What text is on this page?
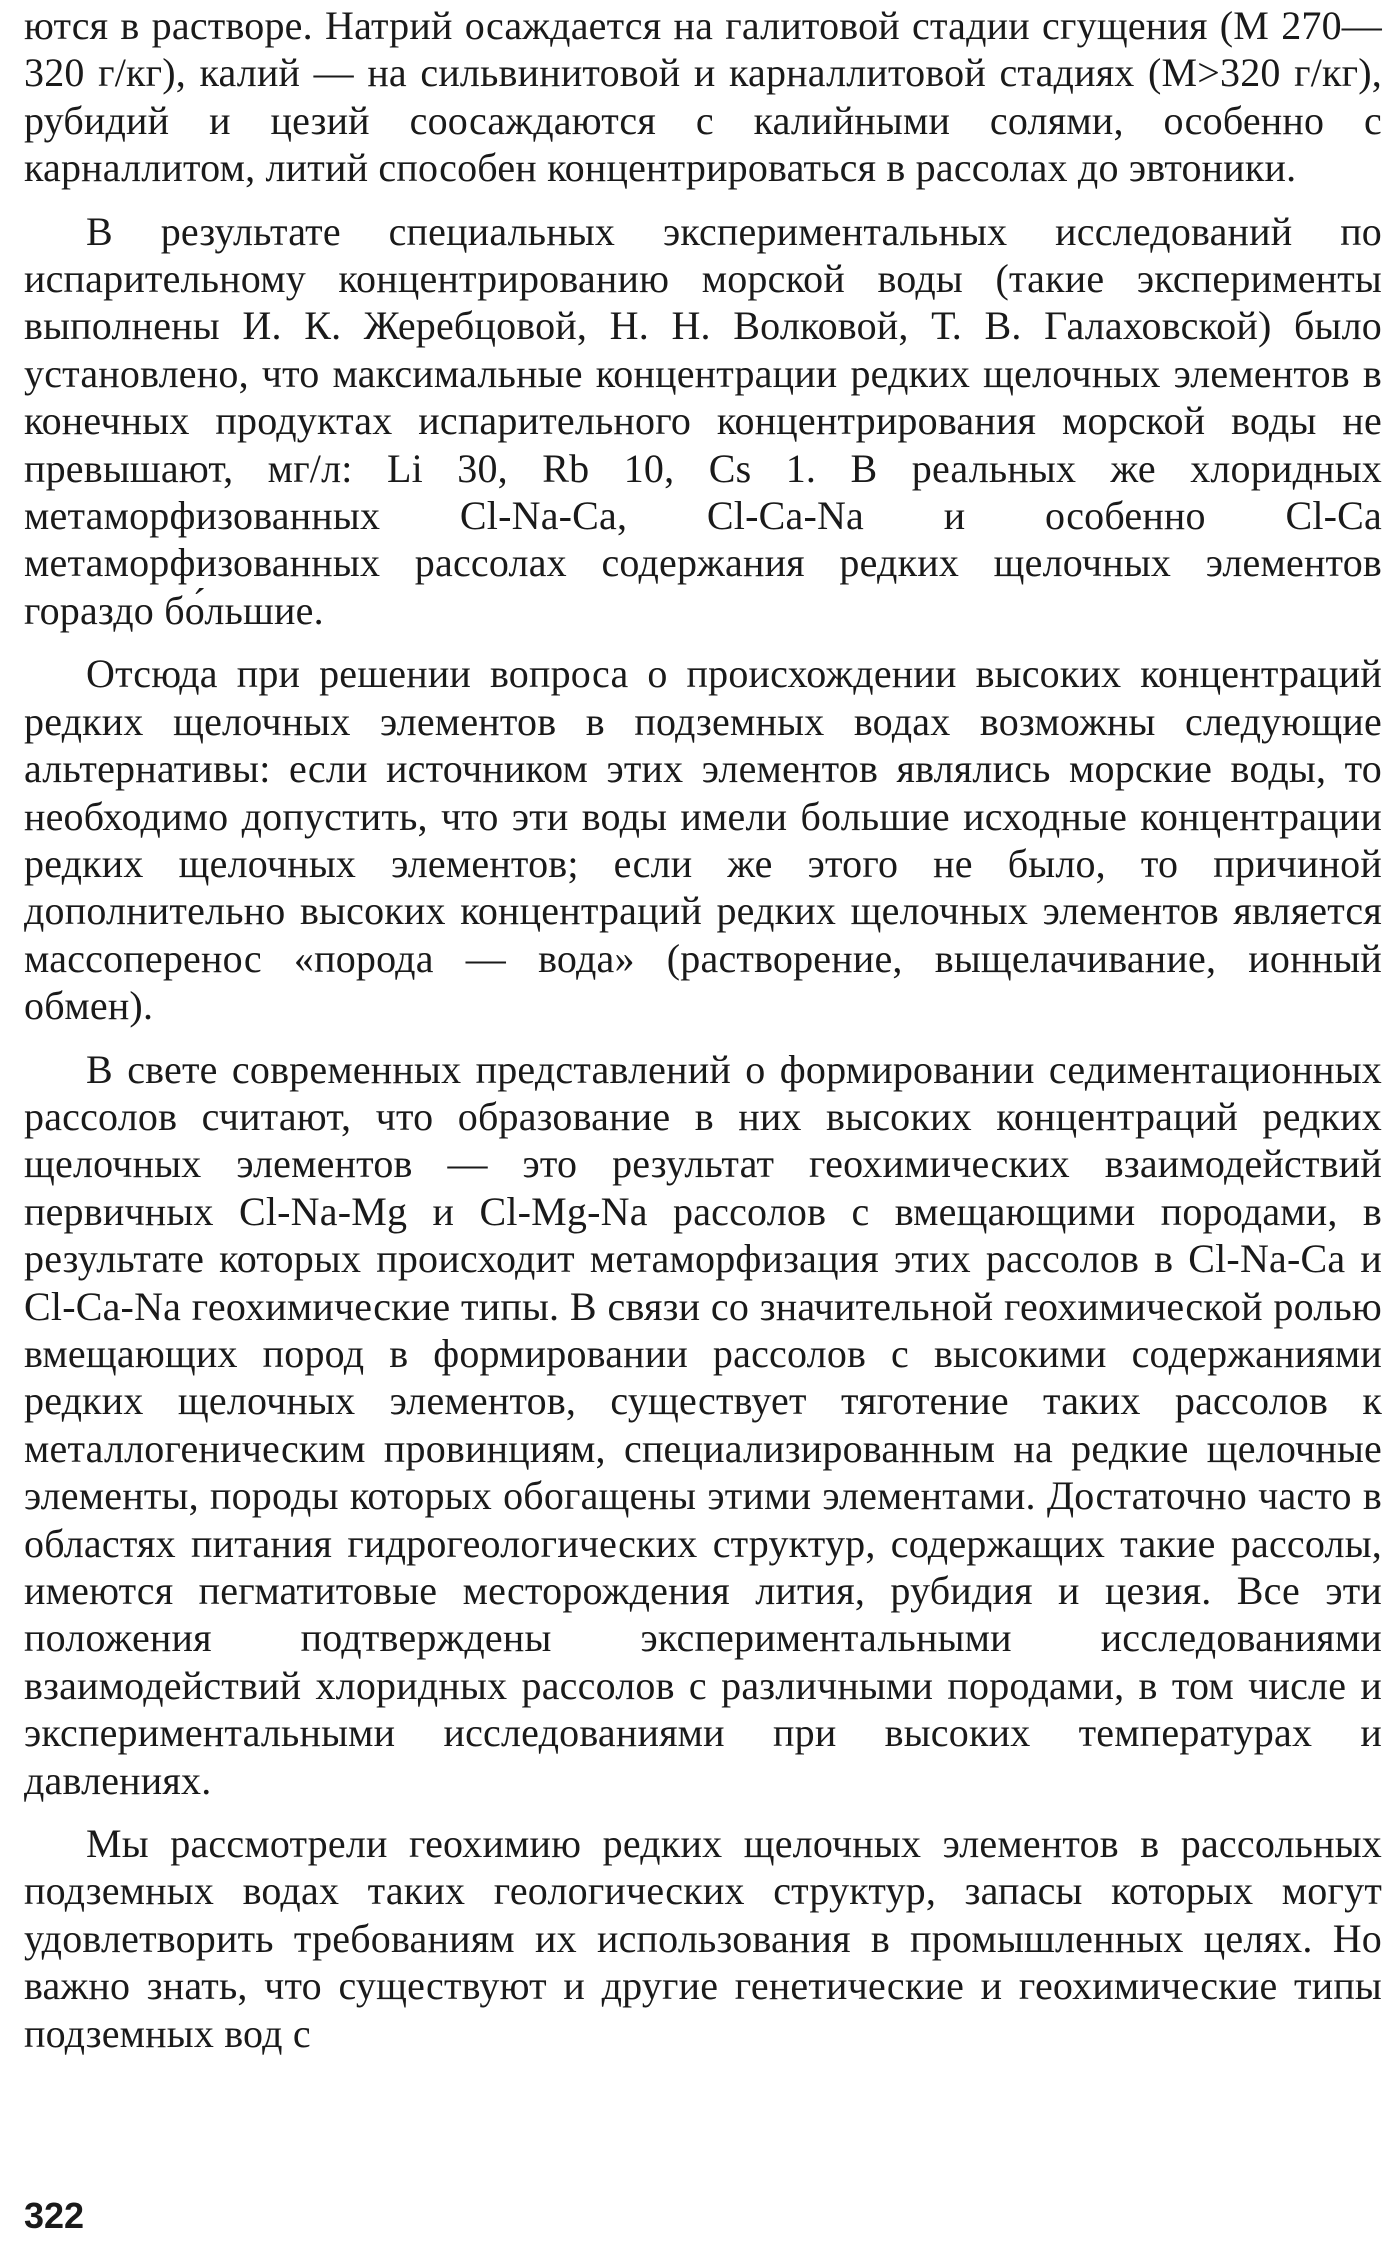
ются в растворе. Натрий осаждается на галитовой стадии сгущения (M 270—320 г/кг), калий — на сильвинитовой и карналлитовой стадиях (M>320 г/кг), рубидий и цезий соосаждаются с калийными солями, особенно с карналлитом, литий способен концентрироваться в рассолах до эвтоники.

В результате специальных экспериментальных исследований по испарительному концентрированию морской воды (такие эксперименты выполнены И. К. Жеребцовой, Н. Н. Волковой, Т. В. Галаховской) было установлено, что максимальные концентрации редких щелочных элементов в конечных продуктах испарительного концентрирования морской воды не превышают, мг/л: Li 30, Rb 10, Cs 1. В реальных же хлоридных метаморфизованных Cl-Na-Ca, Cl-Ca-Na и особенно Cl-Ca метаморфизованных рассолах содержания редких щелочных элементов гораздо бо́льшие.

Отсюда при решении вопроса о происхождении высоких концентраций редких щелочных элементов в подземных водах возможны следующие альтернативы: если источником этих элементов являлись морские воды, то необходимо допустить, что эти воды имели большие исходные концентрации редких щелочных элементов; если же этого не было, то причиной дополнительно высоких концентраций редких щелочных элементов является массоперенос «порода — вода» (растворение, выщелачивание, ионный обмен).

В свете современных представлений о формировании седиментационных рассолов считают, что образование в них высоких концентраций редких щелочных элементов — это результат геохимических взаимодействий первичных Cl-Na-Mg и Cl-Mg-Na рассолов с вмещающими породами, в результате которых происходит метаморфизация этих рассолов в Cl-Na-Ca и Cl-Ca-Na геохимические типы. В связи со значительной геохимической ролью вмещающих пород в формировании рассолов с высокими содержаниями редких щелочных элементов, существует тяготение таких рассолов к металлогеническим провинциям, специализированным на редкие щелочные элементы, породы которых обогащены этими элементами. Достаточно часто в областях питания гидрогеологических структур, содержащих такие рассолы, имеются пегматитовые месторождения лития, рубидия и цезия. Все эти положения подтверждены экспериментальными исследованиями взаимодействий хлоридных рассолов с различными породами, в том числе и экспериментальными исследованиями при высоких температурах и давлениях.

Мы рассмотрели геохимию редких щелочных элементов в рассольных подземных водах таких геологических структур, запасы которых могут удовлетворить требованиям их использования в промышленных целях. Но важно знать, что существуют и другие генетические и геохимические типы подземных вод с

322
